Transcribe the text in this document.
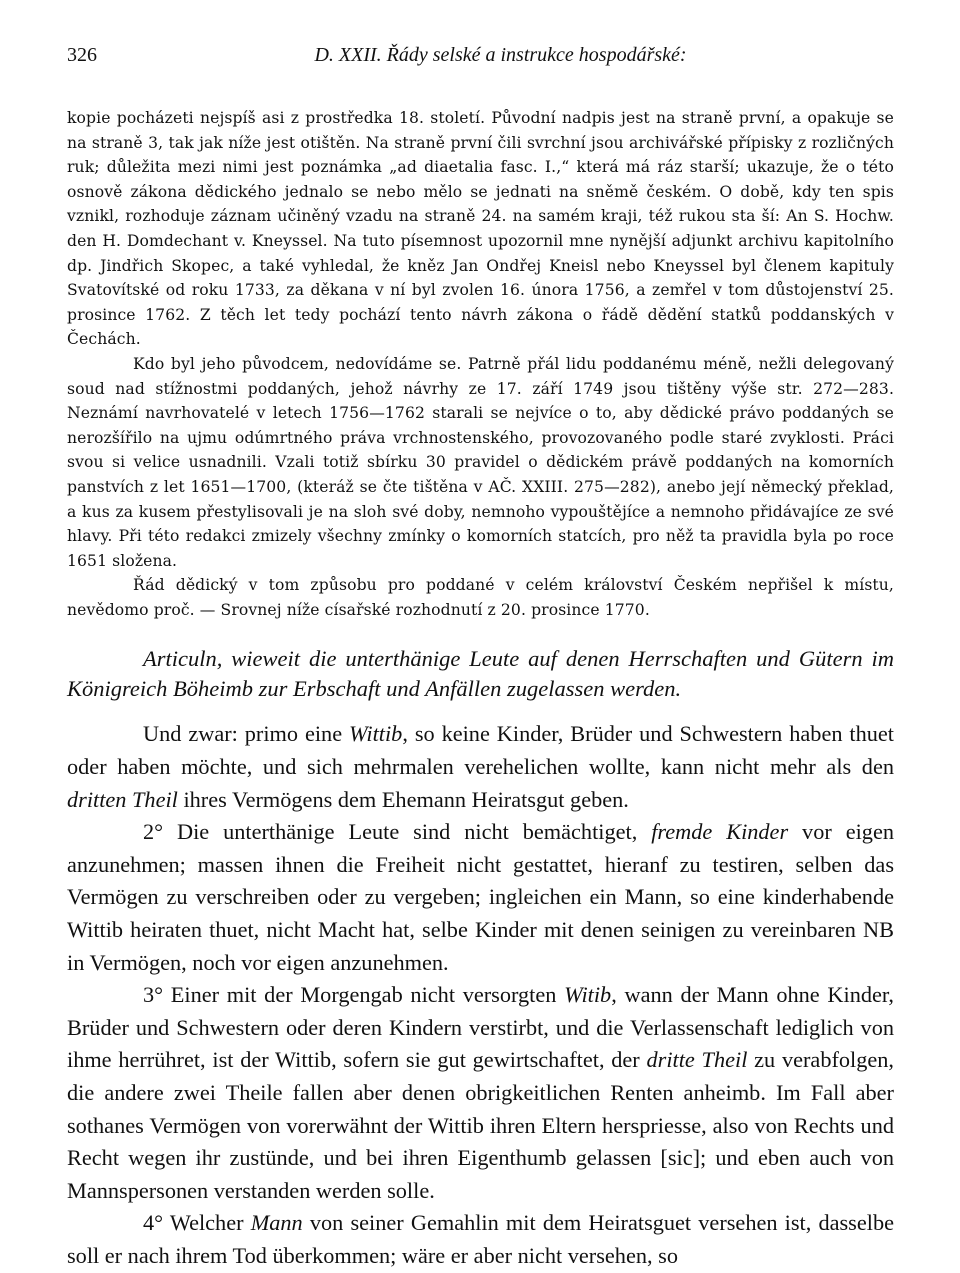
326	D. XXII. Řády selské a instrukce hospodářské:

kopie pocházeti nejspíš asi z prostředka 18. století. Původní nadpis jest na straně první, a opakuje se na straně 3, tak jak níže jest otištěn. Na straně první čili svrchní jsou archivářské přípisky z rozličných ruk; důležita mezi nimi jest poznámka „ad diaetalia fasc. I.,“ která má ráz starší; ukazuje, že o této osnově zákona dědického jednalo se nebo mělo se jednati na sněmě českém. O době, kdy ten spis vznikl, rozhoduje záznam učiněný vzadu na straně 24. na samém kraji, též rukou sta ší: An S. Hochw. den H. Domdechant v. Kneyssel. Na tuto písemnost upozornil mne nynější adjunkt archivu kapitolního dp. Jindřich Skopec, a také vyhledal, že kněz Jan Ondřej Kneisl nebo Kneyssel byl členem kapituly Svatovítské od roku 1733, za děkana v ní byl zvolen 16. února 1756, a zemřel v tom důstojenství 25. prosince 1762. Z těch let tedy pochází tento návrh zákona o řádě dědění statků poddanských v Čechách.

Kdo byl jeho původcem, nedovídáme se. Patrně přál lidu poddanému méně, nežli delegovaný soud nad stížnostmi poddaných, jehož návrhy ze 17. září 1749 jsou tištěny výše str. 272—283. Neznámí navrhovatelé v letech 1756—1762 starali se nejvíce o to, aby dědické právo poddaných se nerozšířilo na ujmu odúmrtného práva vrchnostenského, provozovaného podle staré zvyklosti. Práci svou si velice usnadnili. Vzali totiž sbírku 30 pravidel o dědickém právě poddaných na komorních panstvích z let 1651—1700, (kteráž se čte tištěna v AČ. XXIII. 275—282), anebo její německý překlad, a kus za kusem přestylisovali je na sloh své doby, nemnoho vypouštějíce a nemnoho přidávajíce ze své hlavy. Při této redakci zmizely všechny zmínky o komorních statcích, pro něž ta pravidla byla po roce 1651 složena.

Řád dědický v tom způsobu pro poddané v celém království Českém nepřišel k místu, nevědomo proč. — Srovnej níže císařské rozhodnutí z 20. prosince 1770.

Articuln, wieweit die unterthänige Leute auf denen Herrschaften und Gütern im Königreich Böheimb zur Erbschaft und Anfällen zugelassen werden.

Und zwar: primo eine Wittib, so keine Kinder, Brüder und Schwestern haben thuet oder haben möchte, und sich mehrmalen verehelichen wollte, kann nicht mehr als den dritten Theil ihres Vermögens dem Ehemann Heiratsgut geben.

2° Die unterthänige Leute sind nicht bemächtiget, fremde Kinder vor eigen anzunehmen; massen ihnen die Freiheit nicht gestattet, hieranf zu testiren, selben das Vermögen zu verschreiben oder zu vergeben; ingleichen ein Mann, so eine kinderhabende Wittib heiraten thuet, nicht Macht hat, selbe Kinder mit denen seinigen zu vereinbaren NB in Vermögen, noch vor eigen anzunehmen.

3° Einer mit der Morgengab nicht versorgten Witib, wann der Mann ohne Kinder, Brüder und Schwestern oder deren Kindern verstirbt, und die Verlassenschaft lediglich von ihme herrühret, ist der Wittib, sofern sie gut gewirtschaftet, der dritte Theil zu verabfolgen, die andere zwei Theile fallen aber denen obrigkeitlichen Renten anheimb. Im Fall aber sothanes Vermögen von vorerwähnt der Wittib ihren Eltern herspriesse, also von Rechts und Recht wegen ihr zustünde, und bei ihren Eigenthumb gelassen [sic]; und eben auch von Mannspersonen verstanden werden solle.

4° Welcher Mann von seiner Gemahlin mit dem Heiratsguet versehen ist, dasselbe soll er nach ihrem Tod überkommen; wäre er aber nicht versehen, so
